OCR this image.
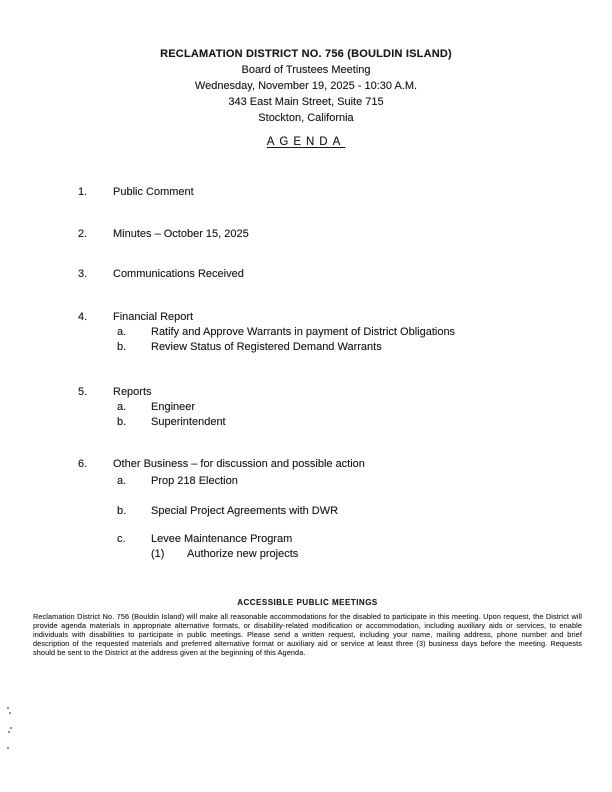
RECLAMATION DISTRICT NO. 756 (BOULDIN ISLAND)
Board of Trustees Meeting
Wednesday, November 19, 2025 - 10:30 A.M.
343 East Main Street, Suite 715
Stockton, California
AGENDA
1.	Public Comment
2.	Minutes – October 15, 2025
3.	Communications Received
4.	Financial Report
a.	Ratify and Approve Warrants in payment of District Obligations
b.	Review Status of Registered Demand Warrants
5.	Reports
a.	Engineer
b.	Superintendent
6.	Other Business – for discussion and possible action
a.	Prop 218 Election
b.	Special Project Agreements with DWR
c.	Levee Maintenance Program
(1)	Authorize new projects
ACCESSIBLE PUBLIC MEETINGS

Reclamation District No. 756 (Bouldin Island) will make all reasonable accommodations for the disabled to participate in this meeting. Upon request, the District will provide agenda materials in appropriate alternative formats, or disability-related modification or accommodation, including auxiliary aids or services, to enable individuals with disabilities to participate in public meetings. Please send a written request, including your name, mailing address, phone number and brief description of the requested materials and preferred alternative format or auxiliary aid or service at least three (3) business days before the meeting. Requests should be sent to the District at the address given at the beginning of this Agenda.
